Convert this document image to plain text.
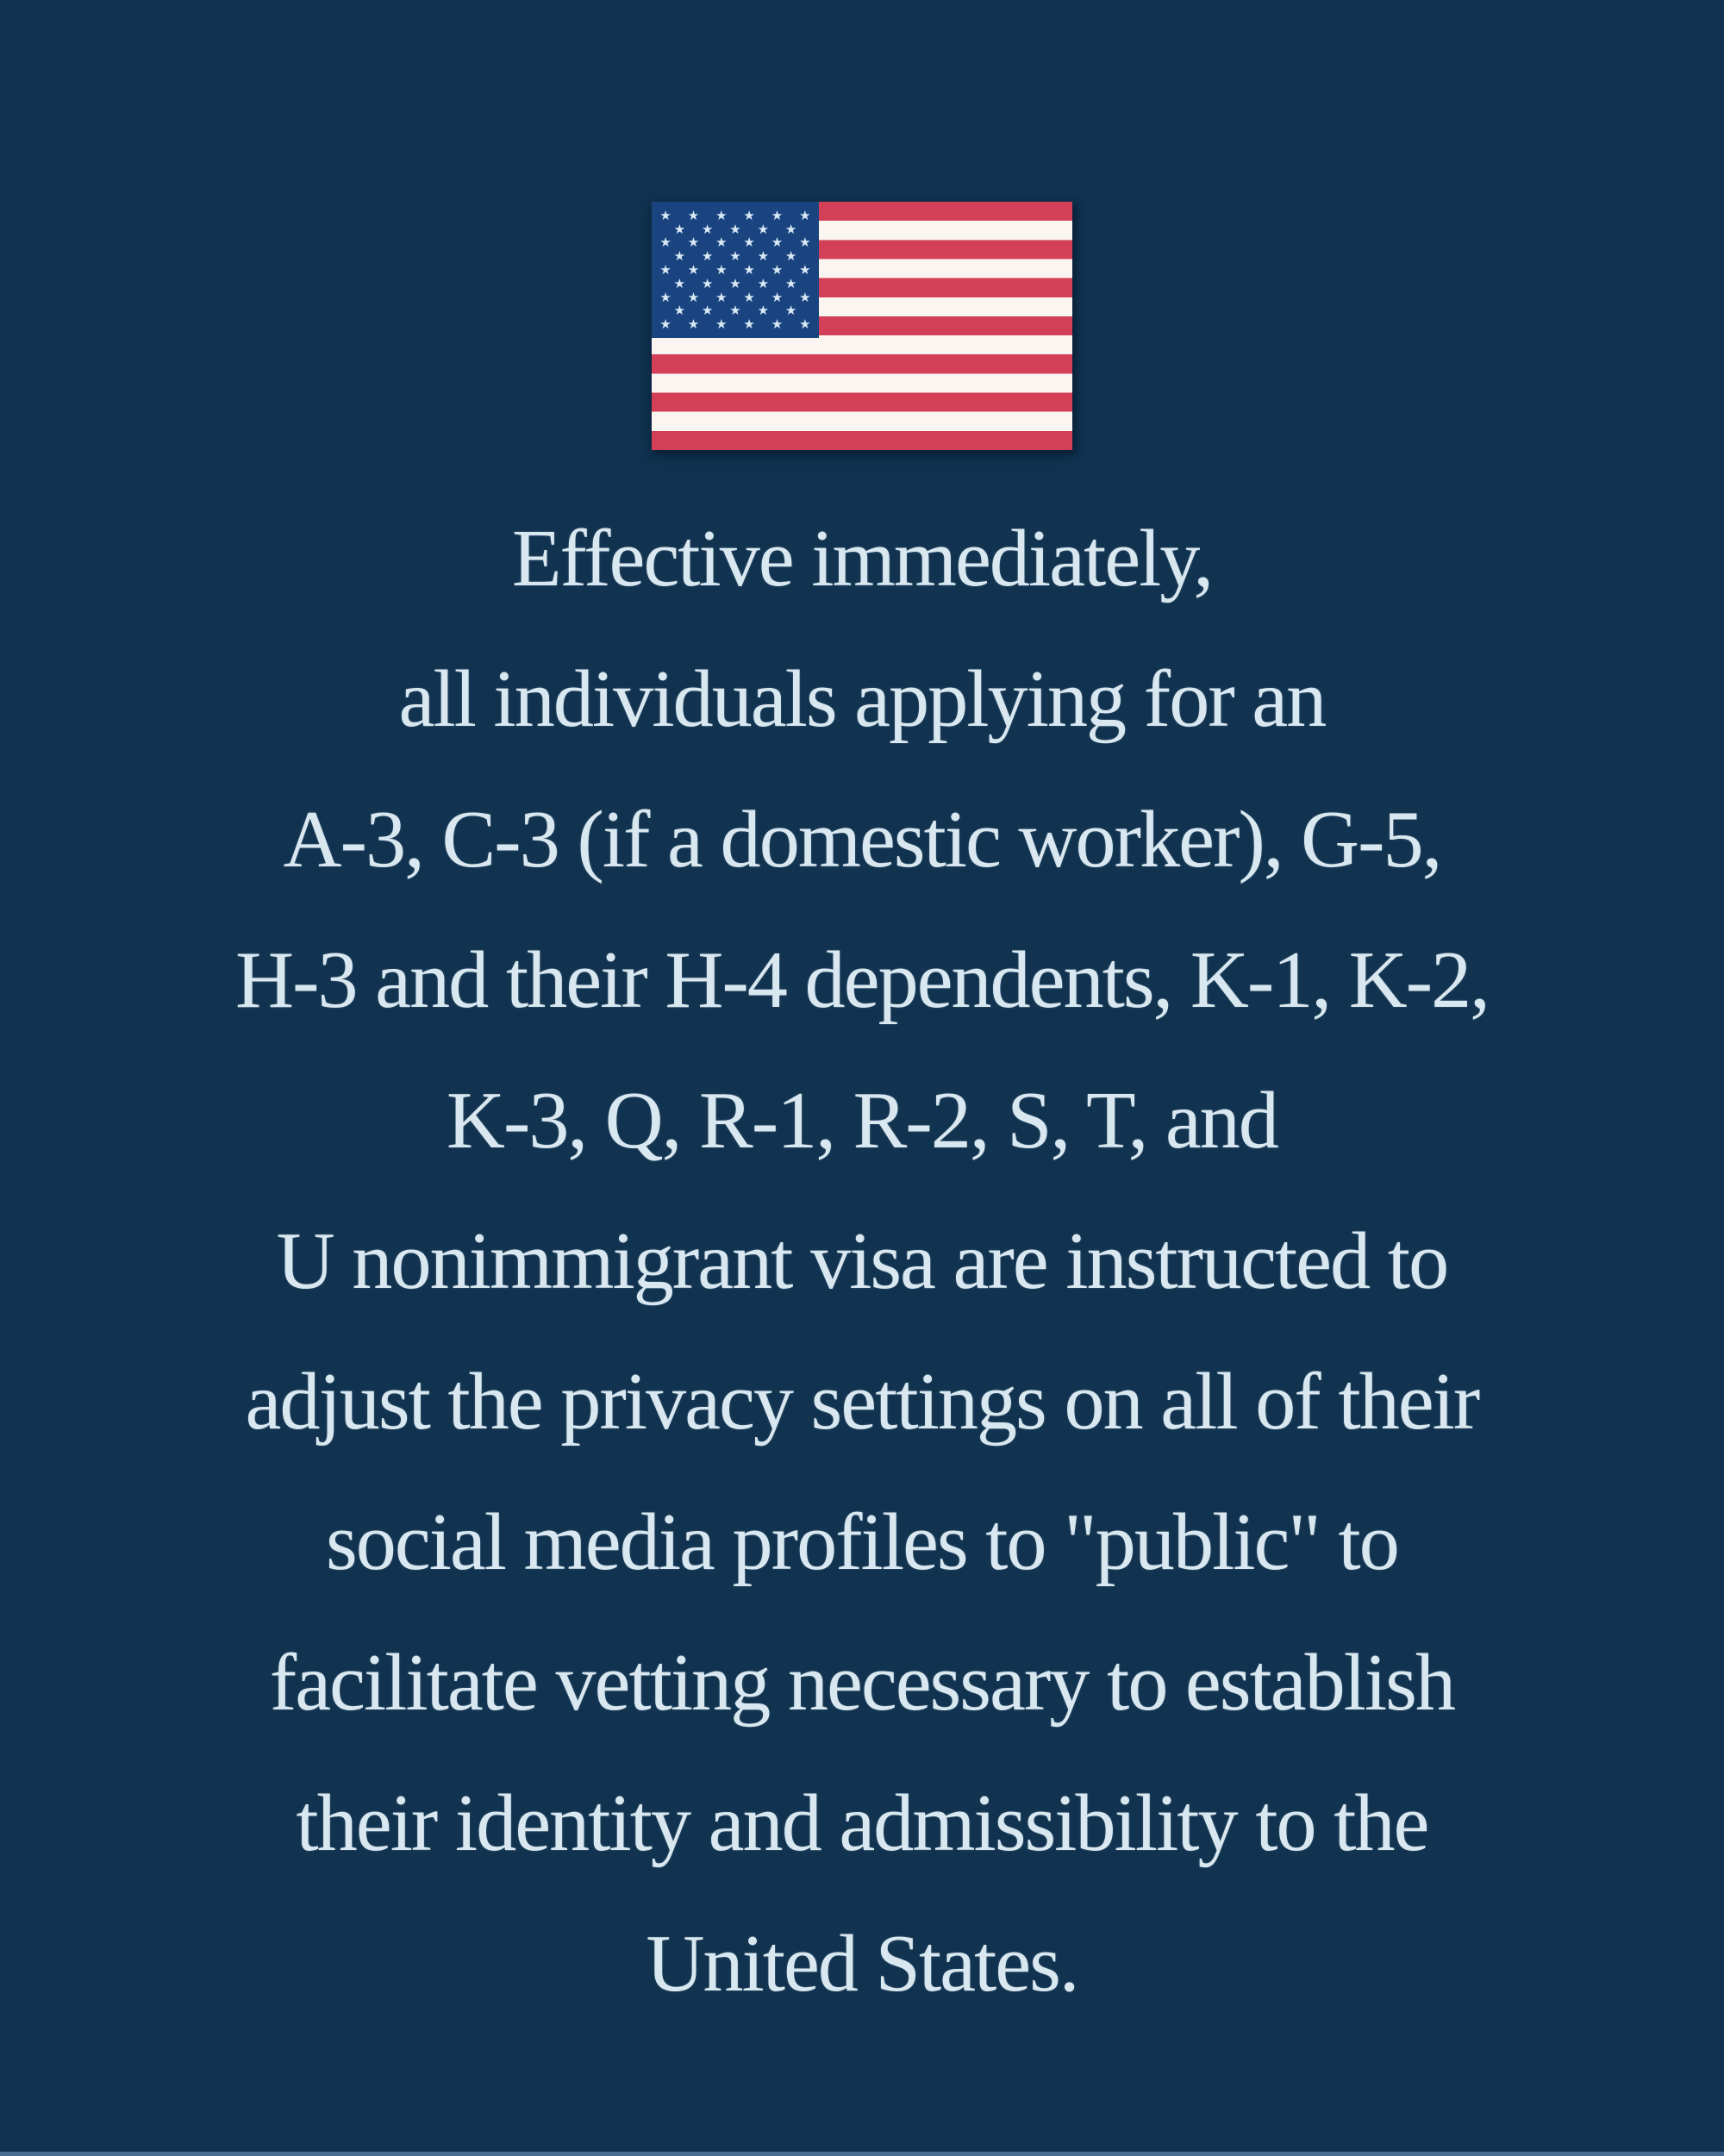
★ ★ ★ ★ ★ ★
★ ★ ★ ★ ★
★ ★ ★ ★ ★ ★
★ ★ ★ ★ ★
★ ★ ★ ★ ★ ★
★ ★ ★ ★ ★
★ ★ ★ ★ ★ ★
★ ★ ★ ★ ★
★ ★ ★ ★ ★ ★
Effective immediately,
all individuals applying for an
A-3, C-3 (if a domestic worker), G-5,
H-3 and their H-4 dependents, K-1, K-2,
K-3, Q, R-1, R-2, S, T, and
U nonimmigrant visa are instructed to
adjust the privacy settings on all of their
social media profiles to "public" to
facilitate vetting necessary to establish
their identity and admissibility to the
United States.
